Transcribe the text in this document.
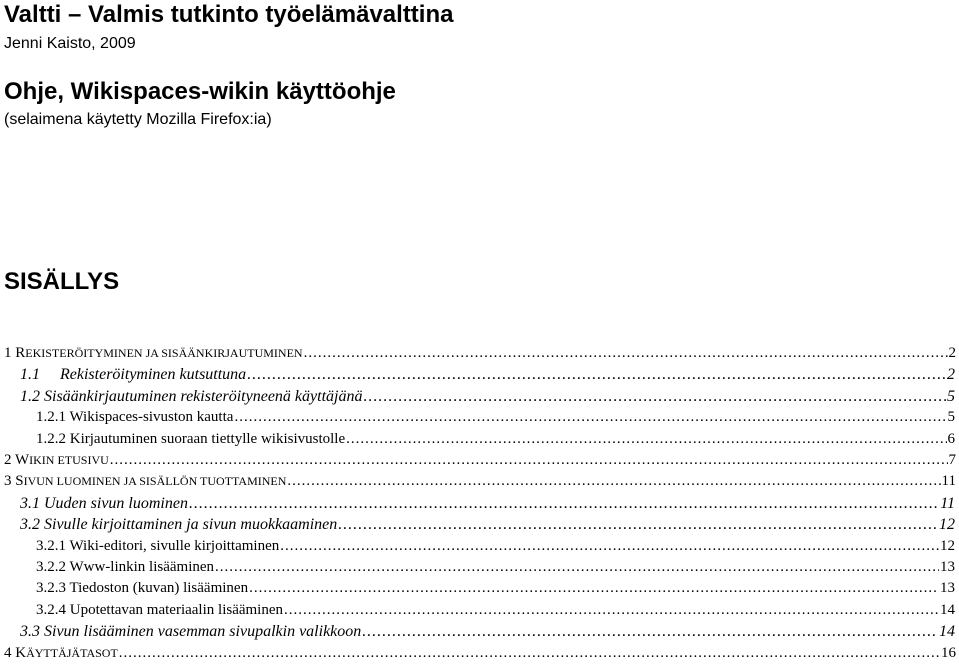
Valtti – Valmis tutkinto työelämävalttina
Jenni Kaisto, 2009
Ohje, Wikispaces-wikin käyttöohje
(selaimena käytetty Mozilla Firefox:ia)
SISÄLLYS
1 REKISTERÖITYMINEN JA SISÄÄNKIRJAUTUMINEN .....	2
1.1     Rekisteröityminen kutsuttuna .....	2
1.2 Sisäänkirjautuminen rekisteröityneenä käyttäjänä .....	5
1.2.1 Wikispaces-sivuston kautta .....	5
1.2.2 Kirjautuminen suoraan tiettylle wikisivustolle .....	6
2 WIKIN ETUSIVU .....	7
3 SIVUN LUOMINEN JA SISÄLLÖN TUOTTAMINEN .....	11
3.1 Uuden sivun luominen .....	11
3.2 Sivulle kirjoittaminen ja sivun muokkaaminen .....	12
3.2.1 Wiki-editori, sivulle kirjoittaminen .....	12
3.2.2 Www-linkin lisääminen .....	13
3.2.3 Tiedoston (kuvan) lisääminen .....	13
3.2.4 Upotettavan materiaalin lisääminen .....	14
3.3 Sivun lisääminen vasemman sivupalkin valikkoon .....	14
4 KÄYTTÄJÄTASOT .....	16
